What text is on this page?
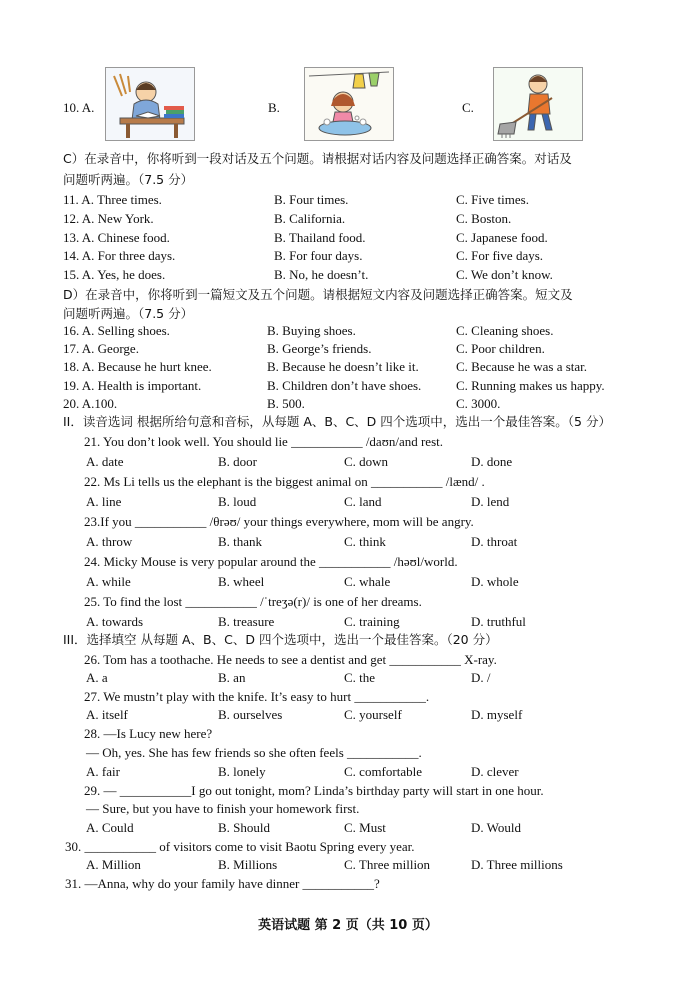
10. A.	B.	C.
C）在录音中，你将听到一段对话及五个问题。请根据对话内容及问题选择正确答案。对话及
问题听两遍。（7.5 分）
11. A. Three times.	B. Four times.	C. Five times.
12. A. New York.	B. California.	C. Boston.
13. A. Chinese food.	B. Thailand food.	C. Japanese food.
14. A. For three days.	B. For four days.	C. For five days.
15. A. Yes, he does.	B. No, he doesn’t.	C. We don’t know.
D）在录音中，你将听到一篇短文及五个问题。请根据短文内容及问题选择正确答案。短文及
问题听两遍。（7.5 分）
16. A. Selling shoes.	B. Buying shoes.	C. Cleaning shoes.
17. A. George.	B. George’s friends.	C. Poor children.
18. A. Because he hurt knee.	B. Because he doesn’t like it.	C. Because he was a star.
19. A. Health is important.	B. Children don’t have shoes.	C. Running makes us happy.
20. A.100.	B. 500.	C. 3000.
II．读音选词 根据所给句意和音标，从每题 A、B、C、D 四个选项中，选出一个最佳答案。（5 分）
21. You don’t look well. You should lie ___________ /daʊn/and rest.
A. date	B. door	C. down	D. done
22. Ms Li tells us the elephant is the biggest animal on ___________ /lænd/ .
A. line	B. loud	C. land	D. lend
23.If you ___________ /θrəʊ/ your things everywhere, mom will be angry.
A. throw	B. thank	C. think	D. throat
24. Micky Mouse is very popular around the ___________ /həʊl/world.
A. while	B. wheel	C. whale	D. whole
25. To find the lost ___________ /ˈtreʒə(r)/ is one of her dreams.
A. towards	B. treasure	C. training	D. truthful
III．选择填空 从每题 A、B、C、D 四个选项中，选出一个最佳答案。（20 分）
26. Tom has a toothache. He needs to see a dentist and get ___________ X-ray.
A. a	B. an	C. the	D. /
27. We mustn’t play with the knife. It’s easy to hurt ___________.
A. itself	B. ourselves	C. yourself	D. myself
28. —Is Lucy new here?
— Oh, yes. She has few friends so she often feels ___________.
A. fair	B. lonely	C. comfortable	D. clever
29. — ___________I go out tonight, mom? Linda’s birthday party will start in one hour.
— Sure, but you have to finish your homework first.
A. Could	B. Should	C. Must	D. Would
30. ___________ of visitors come to visit Baotu Spring every year.
A. Million	B. Millions	C. Three million	D. Three millions
31. —Anna, why do your family have dinner ___________?
英语试题 第 2 页（共 10 页）
